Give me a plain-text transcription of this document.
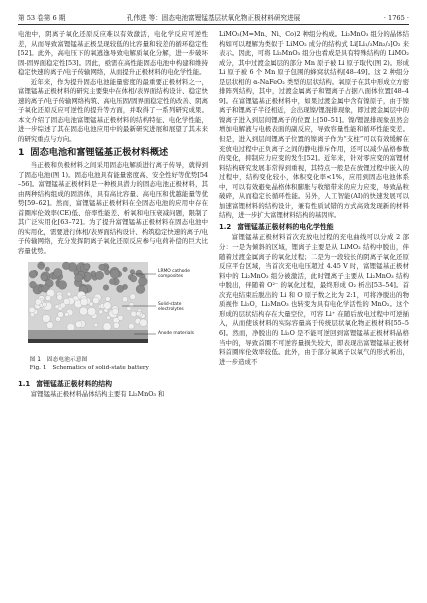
第 53 卷第 6 期	孔伟进 等：固态电池富锂锰基层状氧化物正极材料研究进展	· 1765 ·

电池中，阴离子氧化还原反应难以有效激活，电化学反应可逆性差，从而导致富锂锰基正极呈现较低的比容量和较差的循环稳定性[52]。此外，高电压下的氧逃逸导致电解质氧化分解，进一步破坏固-固界面稳定性[53]。因此，亟需在高性能固态电池中构建和维持稳定快速的离子/电子传输网络，从而提升正极材料的电化学性能。

近年来，作为提升固态电池能量密度的最重要正极材料之一，富锂锰基正极材料的研究主要集中在体相/表界面结构设计、稳定快速的离子/电子传输网络构筑、高电压固/固界面稳定性的改善、阴离子氧化还原反应可逆性的提升等方面，并取得了一系列研究成果。本文介绍了固态电池富锂锰基正极材料的结构特征、电化学性能，进一步综述了其在固态电池应用中的最新研究进展和展望了其未来的研究重点与方向。

1 固态电池和富锂锰基正极材料概述

当正极和负极材料之间采用固态电解质进行离子传导，就得到了固态电池(图 1)。固态电池具有能量密度高、安全性好等优势[54–56]。富锂锰基正极材料是一种极具潜力的固态电池正极材料，其由两种结构组成的固溶体，具有高比容量、高电压和优越能量等优势[59–62]。然而，富锂锰基正极材料在全固态电池的应用中存在首圈库伦效率(CE)低、倍率性能差、析氧和电压衰减问题，限制了其广泛实用化[63–72]。为了提升富锂锰基正极材料在固态电池中的实用化，需要进行体相/表界面结构设计、构筑稳定快速的离子/电子传输网络，充分发挥阴离子氧化还原反应参与电荷补偿的巨大比容量优势。

LRMO cathode composites
Solid-state electrolytes
Anode materials

图 1　固态电池示意图

Fig. 1　Schematics of solid-state battery

1.1 富锂锰基正极材料的结构

富锂锰基正极材料晶体结构主要有 Li₂MnO₃ 和

LiMO₂(M=Mn、Ni、Co)2 种组分构成。Li₂MnO₃ 组分的晶体结构如可以理解为类似于 LiMO₂ 成分的结构式 Li[Li₁/₃Mn₂/₃]O₂ 来表示。因此，可将 Li₂MnO₃ 组分也看成是具有特殊结构的 LiMO₂ 成分，其中过渡金属层的部分 Mn 原子被 Li 原子取代(图 2)。形成 Li 原子被 6 个 Mn 原子包围的蜂窝状结构[48–49]。这 2 种组分是层状相的 α-NaFeO₂ 类型的层状结构。氧原子在其中形成立方密排阵列结构，其中，过渡金属离子和锂离子占据八面体位置[48–49]。在富锂锰基正极材料中，如果过渡金属中含有镍原子，由于镍离子和锂离子半径相近，会出现镍/锂混排现象，即过渡金属层中的镍离子进入到层间锂离子的位置上[50–51]。镍/锂混排现象虽然会增加电解液与电极表面的副反应，导致容量性能和循环性能变差。但是，进入到层间锂离子位置的镍离子作为“支柱”可以有效缓解在充放电过程中正负离子之间的静电排斥作用，还可以减少晶格参数的变化，抑制应力应变的发生[52]。近年来，针对零应变的富锂材料结构研究发展非常得到重视，其特点一般是在放锂过程中嵌入的过程中，结构变化较小，体积变化率<1%，应用到固态电池体系中，可以有效避免晶格体积膨胀与收缩带来的应力应变，导致晶粒破碎，从而稳定长循环性能。另外，人工智能(AI)的快速发展可以加速富锂材料的结构设计，兼有性质试错的方式高效发现新的材料结构，进一步扩大富锂材料结构的基因库。

1.2 富锂锰基正极材料的电化学性能

富锂锰基正极材料首次充放电过程的充电曲线可以分成 2 部分：一是为倾斜的区域，锂离子主要是从 LiMO₂ 结构中脱出，伴随着过渡金属离子的氧化过程；二是为一段较长的阴离子氧化还原反应平台区域，当首次充电电压超过 4.45 V 时，富锂锰基正极材料中的 Li₂MnO₃ 组分被激活，此时锂离子主要从 Li₂MnO₃ 结构中脱出，伴随着 O²⁻ 的氧化过程，最终形成 O₂ 析出[53–54]。首次充电结束后脱出的 Li 和 O 原子数之比为 2:1，可将净脱出的物质视作 Li₂O，Li₂MnO₃ 也转变为具有电化学活性的 MnO₂。这个形成的层状结构存在大量空位，可容 Li⁺ 在随后放电过程中可逆插入，从而使该材料的实际容量高于传统层状氧化物正极材料[55–56]。然而，净脱出的 Li₂O 是不能可逆回到富锂锰基正极材料晶格当中的，导致首圈不可逆容量损失较大，即表现出富锂锰基正极材料首圈库伦效率较低。此外，由于部分氧离子以氧气的形式析出，进一步造成不
